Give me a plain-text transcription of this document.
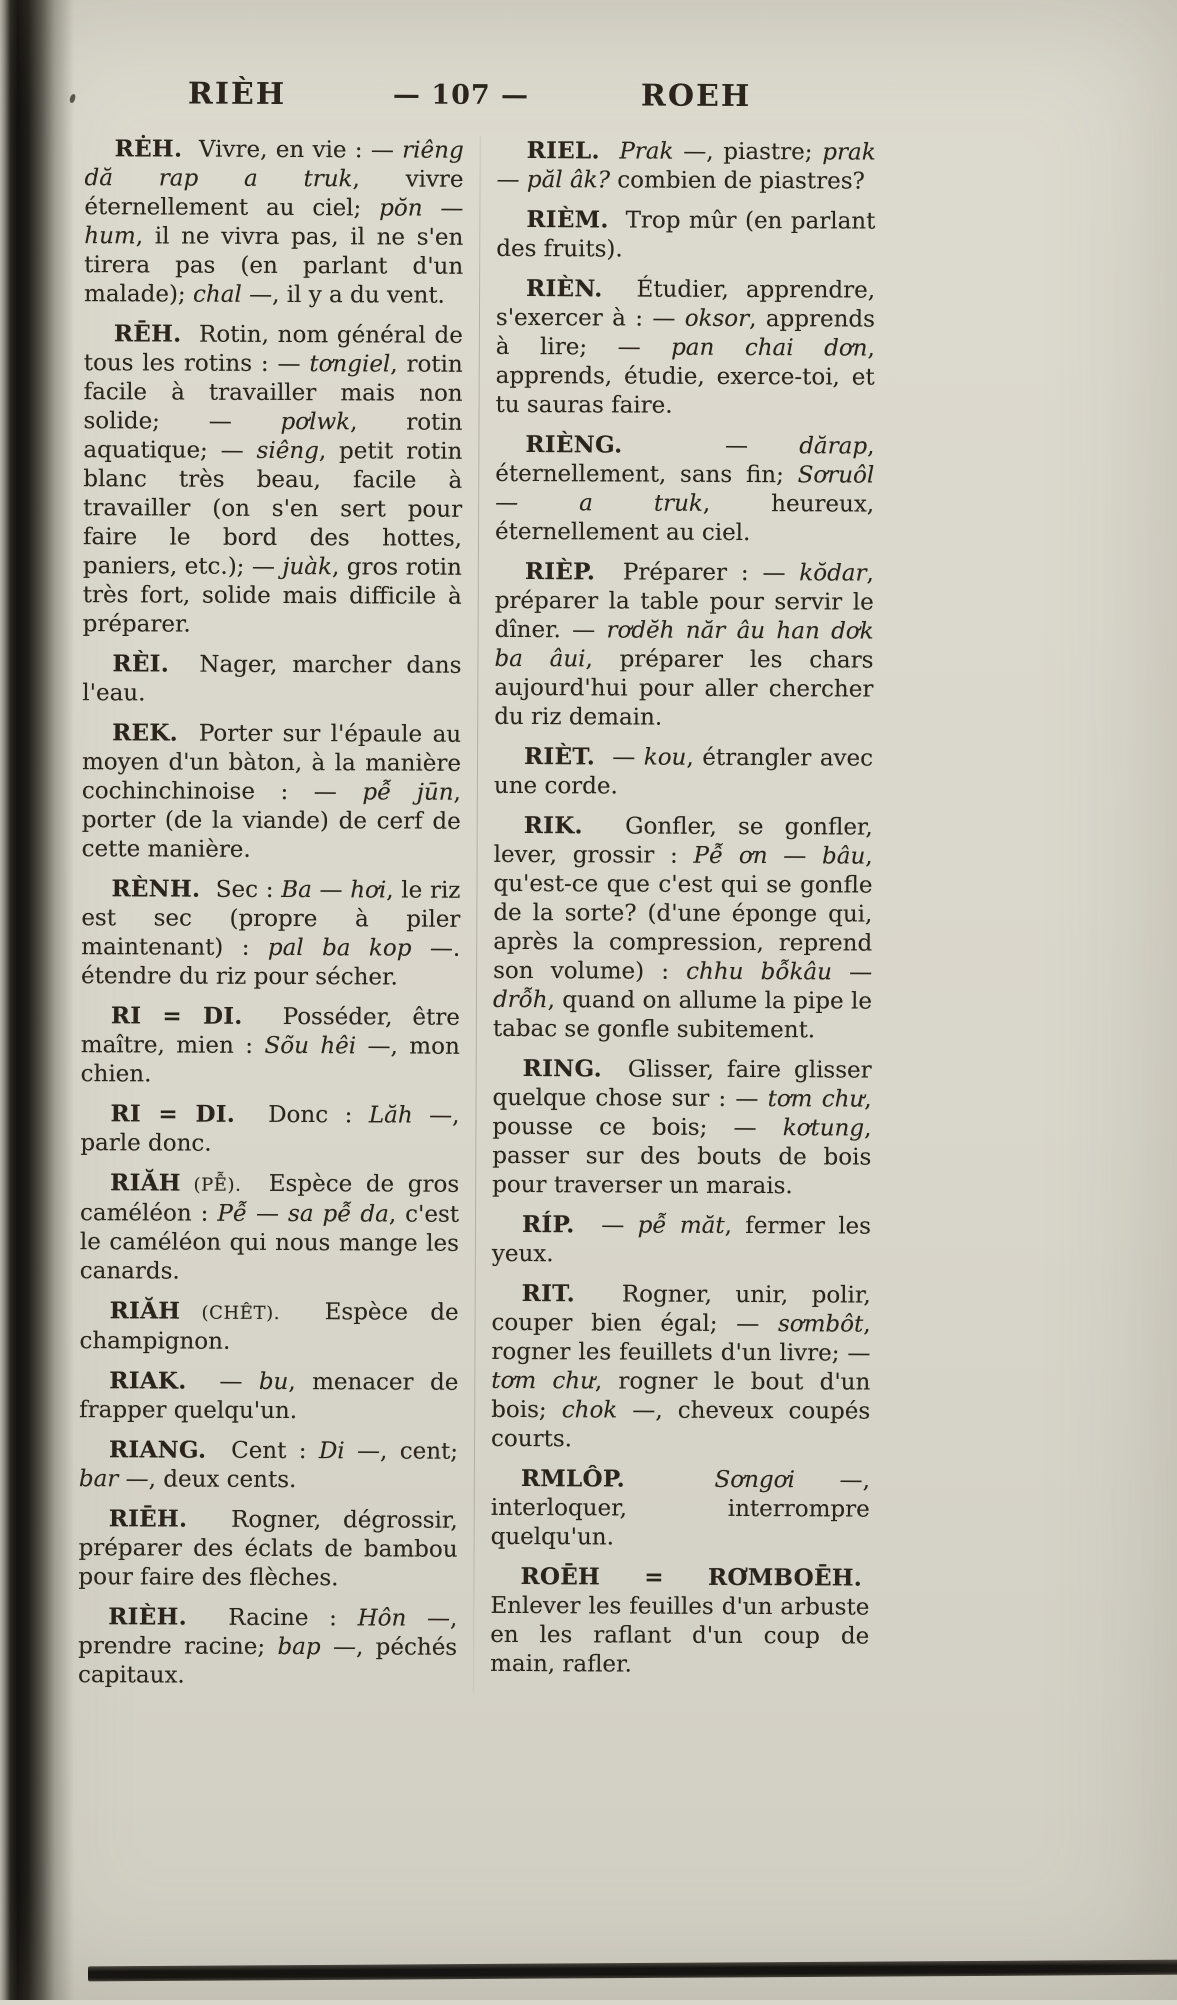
RIÈH	— 107 —	ROEH

RĖH. Vivre, en vie : — riêng dă rap a truk, vivre éternellement au ciel; pŏn — hum, il ne vivra pas, il ne s'en tirera pas (en parlant d'un malade); chal —, il y a du vent.

RĒH. Rotin, nom général de tous les rotins : — tơngiel, rotin facile à travailler mais non solide; — pơlwk, rotin aquatique; — siêng, petit rotin blanc très beau, facile à travailler (on s'en sert pour faire le bord des hottes, paniers, etc.); — juàk, gros rotin très fort, solide mais difficile à préparer.

RÈI. Nager, marcher dans l'eau.

REK. Porter sur l'épaule au moyen d'un bàton, à la manière cochinchinoise : — pễ jūn, porter (de la viande) de cerf de cette manière.

RÈNH. Sec : Ba — hơi, le riz est sec (propre à piler maintenant) : pal ba kop —. étendre du riz pour sécher.

RI = DI. Posséder, être maître, mien : Sõu hêi —, mon chien.

RI = DI. Donc : Lăh —, parle donc.

RIĂH (PỄ). Espèce de gros caméléon : Pễ — sa pễ da, c'est le caméléon qui nous mange les canards.

RIĂH (CHÊT). Espèce de champignon.

RIAK. — bu, menacer de frapper quelqu'un.

RIANG. Cent : Di —, cent; bar —, deux cents.

RIĒH. Rogner, dégrossir, préparer des éclats de bambou pour faire des flèches.

RIÈH. Racine : Hôn —, prendre racine; bap —, péchés capitaux.

RIEL. Prak —, piastre; prak — păl âk? combien de piastres?

RIÈM. Trop mûr (en parlant des fruits).

RIÈN. Étudier, apprendre, s'exercer à : — oksor, apprends à lire; — pan chai dơn, apprends, étudie, exerce-toi, et tu sauras faire.

RIÈNG.	— dărap, éternellement, sans fin; Sơruôl — a truk, heureux, éternellement au ciel.

RIÈP. Préparer : — kŏdar, préparer la table pour servir le dîner. — rơdĕh năr âu han dơk ba âui, préparer les chars aujourd'hui pour aller chercher du riz demain.

RIÈT. — kou, étrangler avec une corde.

RIK. Gonfler, se gonfler, lever, grossir : Pễ ơn — bâu, qu'est-ce que c'est qui se gonfle de la sorte? (d'une éponge qui, après la compression, reprend son volume) : chhu bỗkâu — drỗh, quand on allume la pipe le tabac se gonfle subitement.

RING. Glisser, faire glisser quelque chose sur : — tơm chư, pousse ce bois; — kơtung, passer sur des bouts de bois pour traverser un marais.

RÍP. — pễ măt, fermer les yeux.

RIT. Rogner, unir, polir, couper bien égal; — sơmbôt, rogner les feuillets d'un livre; — tơm chư, rogner le bout d'un bois; chok —, cheveux coupés courts.

RMLÔP.	Sơngơi —, interloquer, interrompre quelqu'un.

ROĒH = RƠMBOĒH.  Enlever les feuilles d'un arbuste en les raflant d'un coup de main, rafler.
